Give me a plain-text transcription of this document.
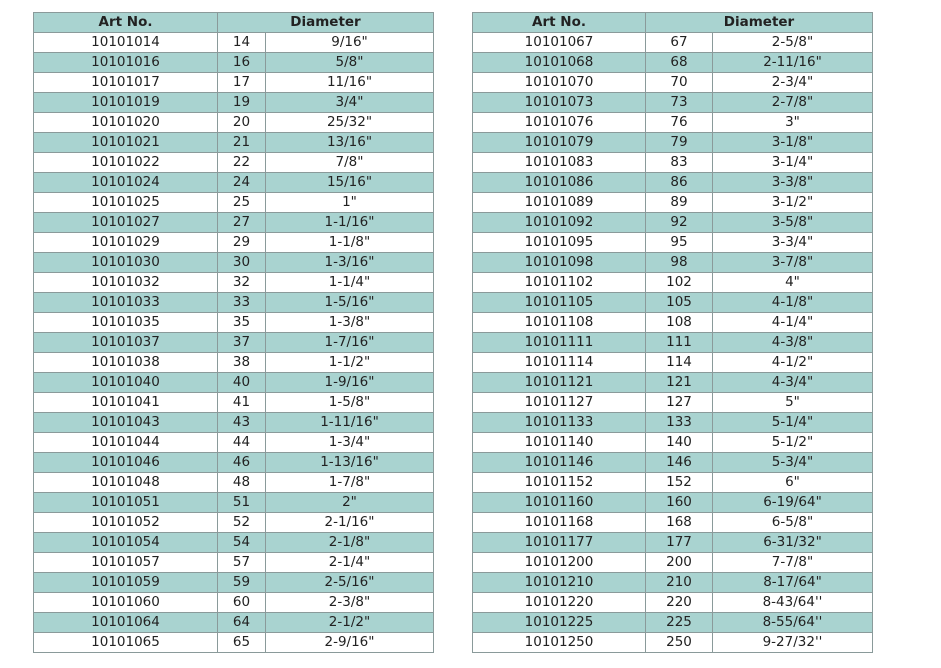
Art No.	Diameter	
10101014	14	9/16"
10101016	16	5/8"
10101017	17	11/16"
10101019	19	3/4"
10101020	20	25/32"
10101021	21	13/16"
10101022	22	7/8"
10101024	24	15/16"
10101025	25	1"
10101027	27	1-1/16"
10101029	29	1-1/8"
10101030	30	1-3/16"
10101032	32	1-1/4"
10101033	33	1-5/16"
10101035	35	1-3/8"
10101037	37	1-7/16"
10101038	38	1-1/2"
10101040	40	1-9/16"
10101041	41	1-5/8"
10101043	43	1-11/16"
10101044	44	1-3/4"
10101046	46	1-13/16"
10101048	48	1-7/8"
10101051	51	2"
10101052	52	2-1/16"
10101054	54	2-1/8"
10101057	57	2-1/4"
10101059	59	2-5/16"
10101060	60	2-3/8"
10101064	64	2-1/2"
10101065	65	2-9/16"
Art No.	Diameter	
10101067	67	2-5/8"
10101068	68	2-11/16"
10101070	70	2-3/4"
10101073	73	2-7/8"
10101076	76	3"
10101079	79	3-1/8"
10101083	83	3-1/4"
10101086	86	3-3/8"
10101089	89	3-1/2"
10101092	92	3-5/8"
10101095	95	3-3/4"
10101098	98	3-7/8"
10101102	102	4"
10101105	105	4-1/8"
10101108	108	4-1/4"
10101111	111	4-3/8"
10101114	114	4-1/2"
10101121	121	4-3/4"
10101127	127	5"
10101133	133	5-1/4"
10101140	140	5-1/2"
10101146	146	5-3/4"
10101152	152	6"
10101160	160	6-19/64"
10101168	168	6-5/8"
10101177	177	6-31/32"
10101200	200	7-7/8"
10101210	210	8-17/64"
10101220	220	8-43/64''
10101225	225	8-55/64''
10101250	250	9-27/32''
